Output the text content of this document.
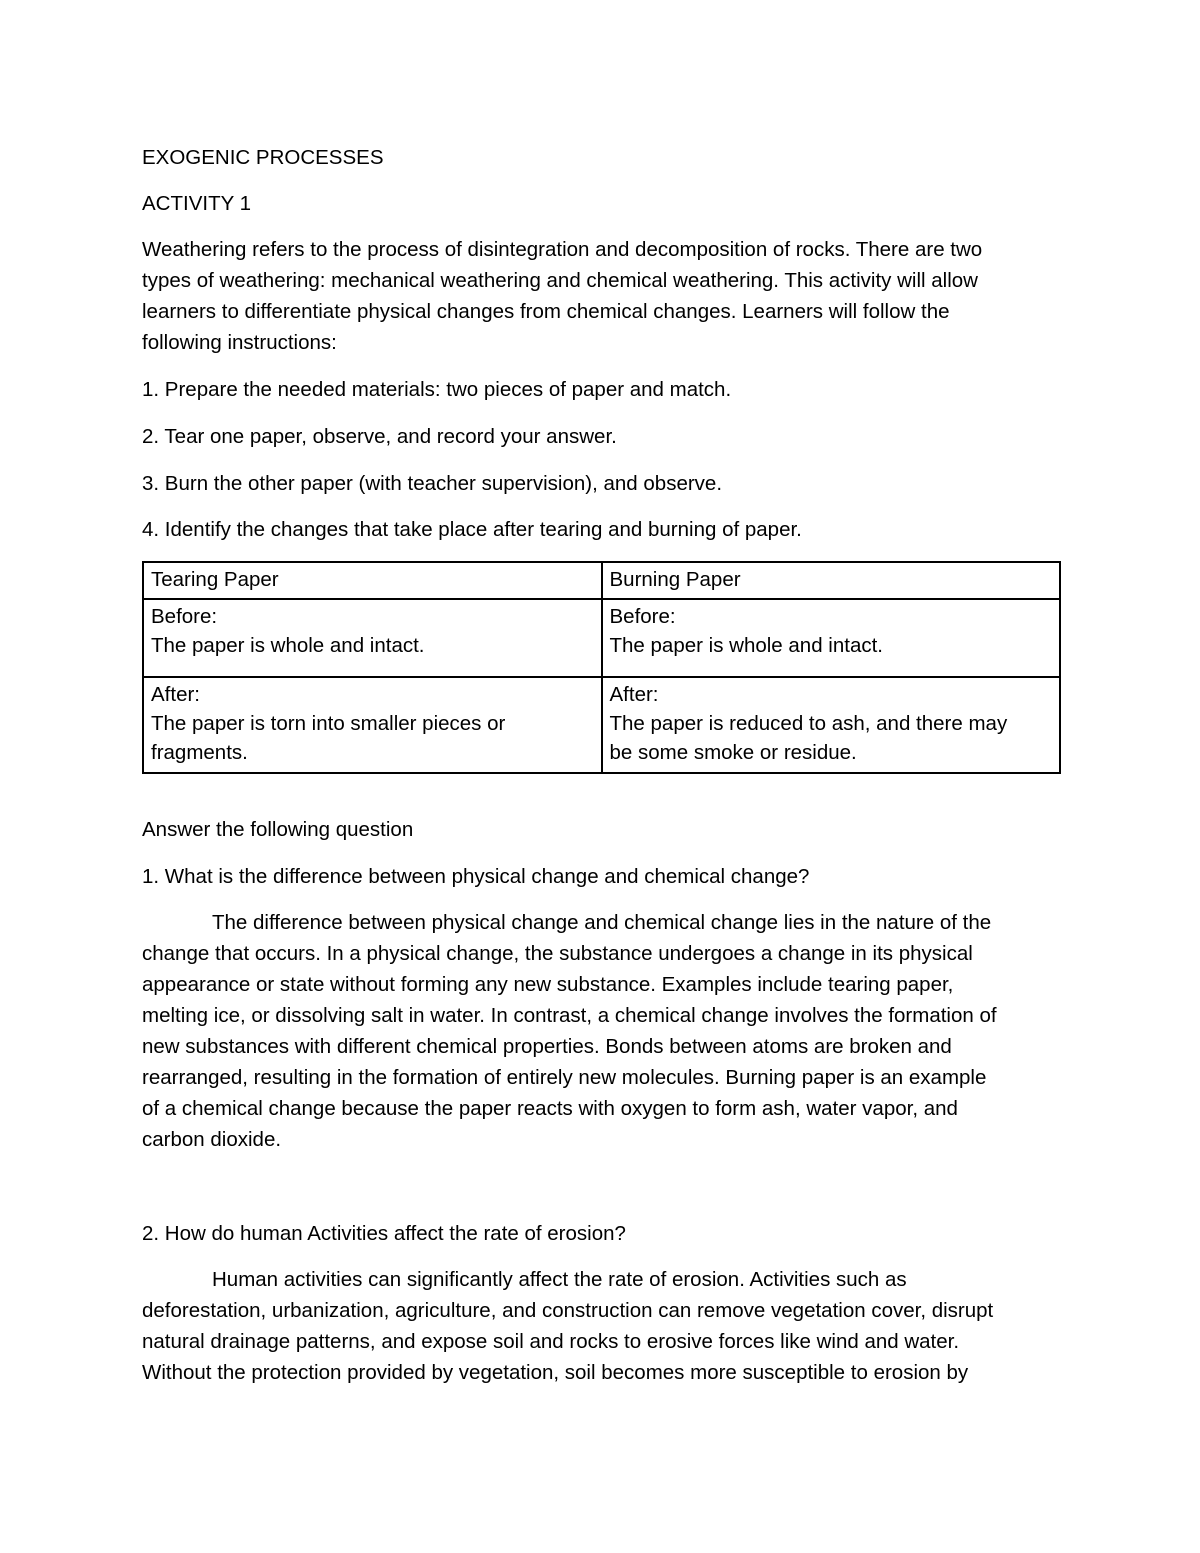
EXOGENIC PROCESSES

ACTIVITY 1

Weathering refers to the process of disintegration and decomposition of rocks. There are two
types of weathering: mechanical weathering and chemical weathering. This activity will allow
learners to differentiate physical changes from chemical changes. Learners will follow the
following instructions:

1. Prepare the needed materials: two pieces of paper and match.

2. Tear one paper, observe, and record your answer.

3. Burn the other paper (with teacher supervision), and observe.

4. Identify the changes that take place after tearing and burning of paper.

Tearing Paper	Burning Paper

Before:
The paper is whole and intact.	Before:
The paper is whole and intact.

After:
The paper is torn into smaller pieces or
fragments.	After:
The paper is reduced to ash, and there may
be some smoke or residue.

Answer the following question

1. What is the difference between physical change and chemical change?

The difference between physical change and chemical change lies in the nature of the
change that occurs. In a physical change, the substance undergoes a change in its physical
appearance or state without forming any new substance. Examples include tearing paper,
melting ice, or dissolving salt in water. In contrast, a chemical change involves the formation of
new substances with different chemical properties. Bonds between atoms are broken and
rearranged, resulting in the formation of entirely new molecules. Burning paper is an example
of a chemical change because the paper reacts with oxygen to form ash, water vapor, and
carbon dioxide.

2. How do human Activities affect the rate of erosion?

Human activities can significantly affect the rate of erosion. Activities such as
deforestation, urbanization, agriculture, and construction can remove vegetation cover, disrupt
natural drainage patterns, and expose soil and rocks to erosive forces like wind and water.
Without the protection provided by vegetation, soil becomes more susceptible to erosion by
